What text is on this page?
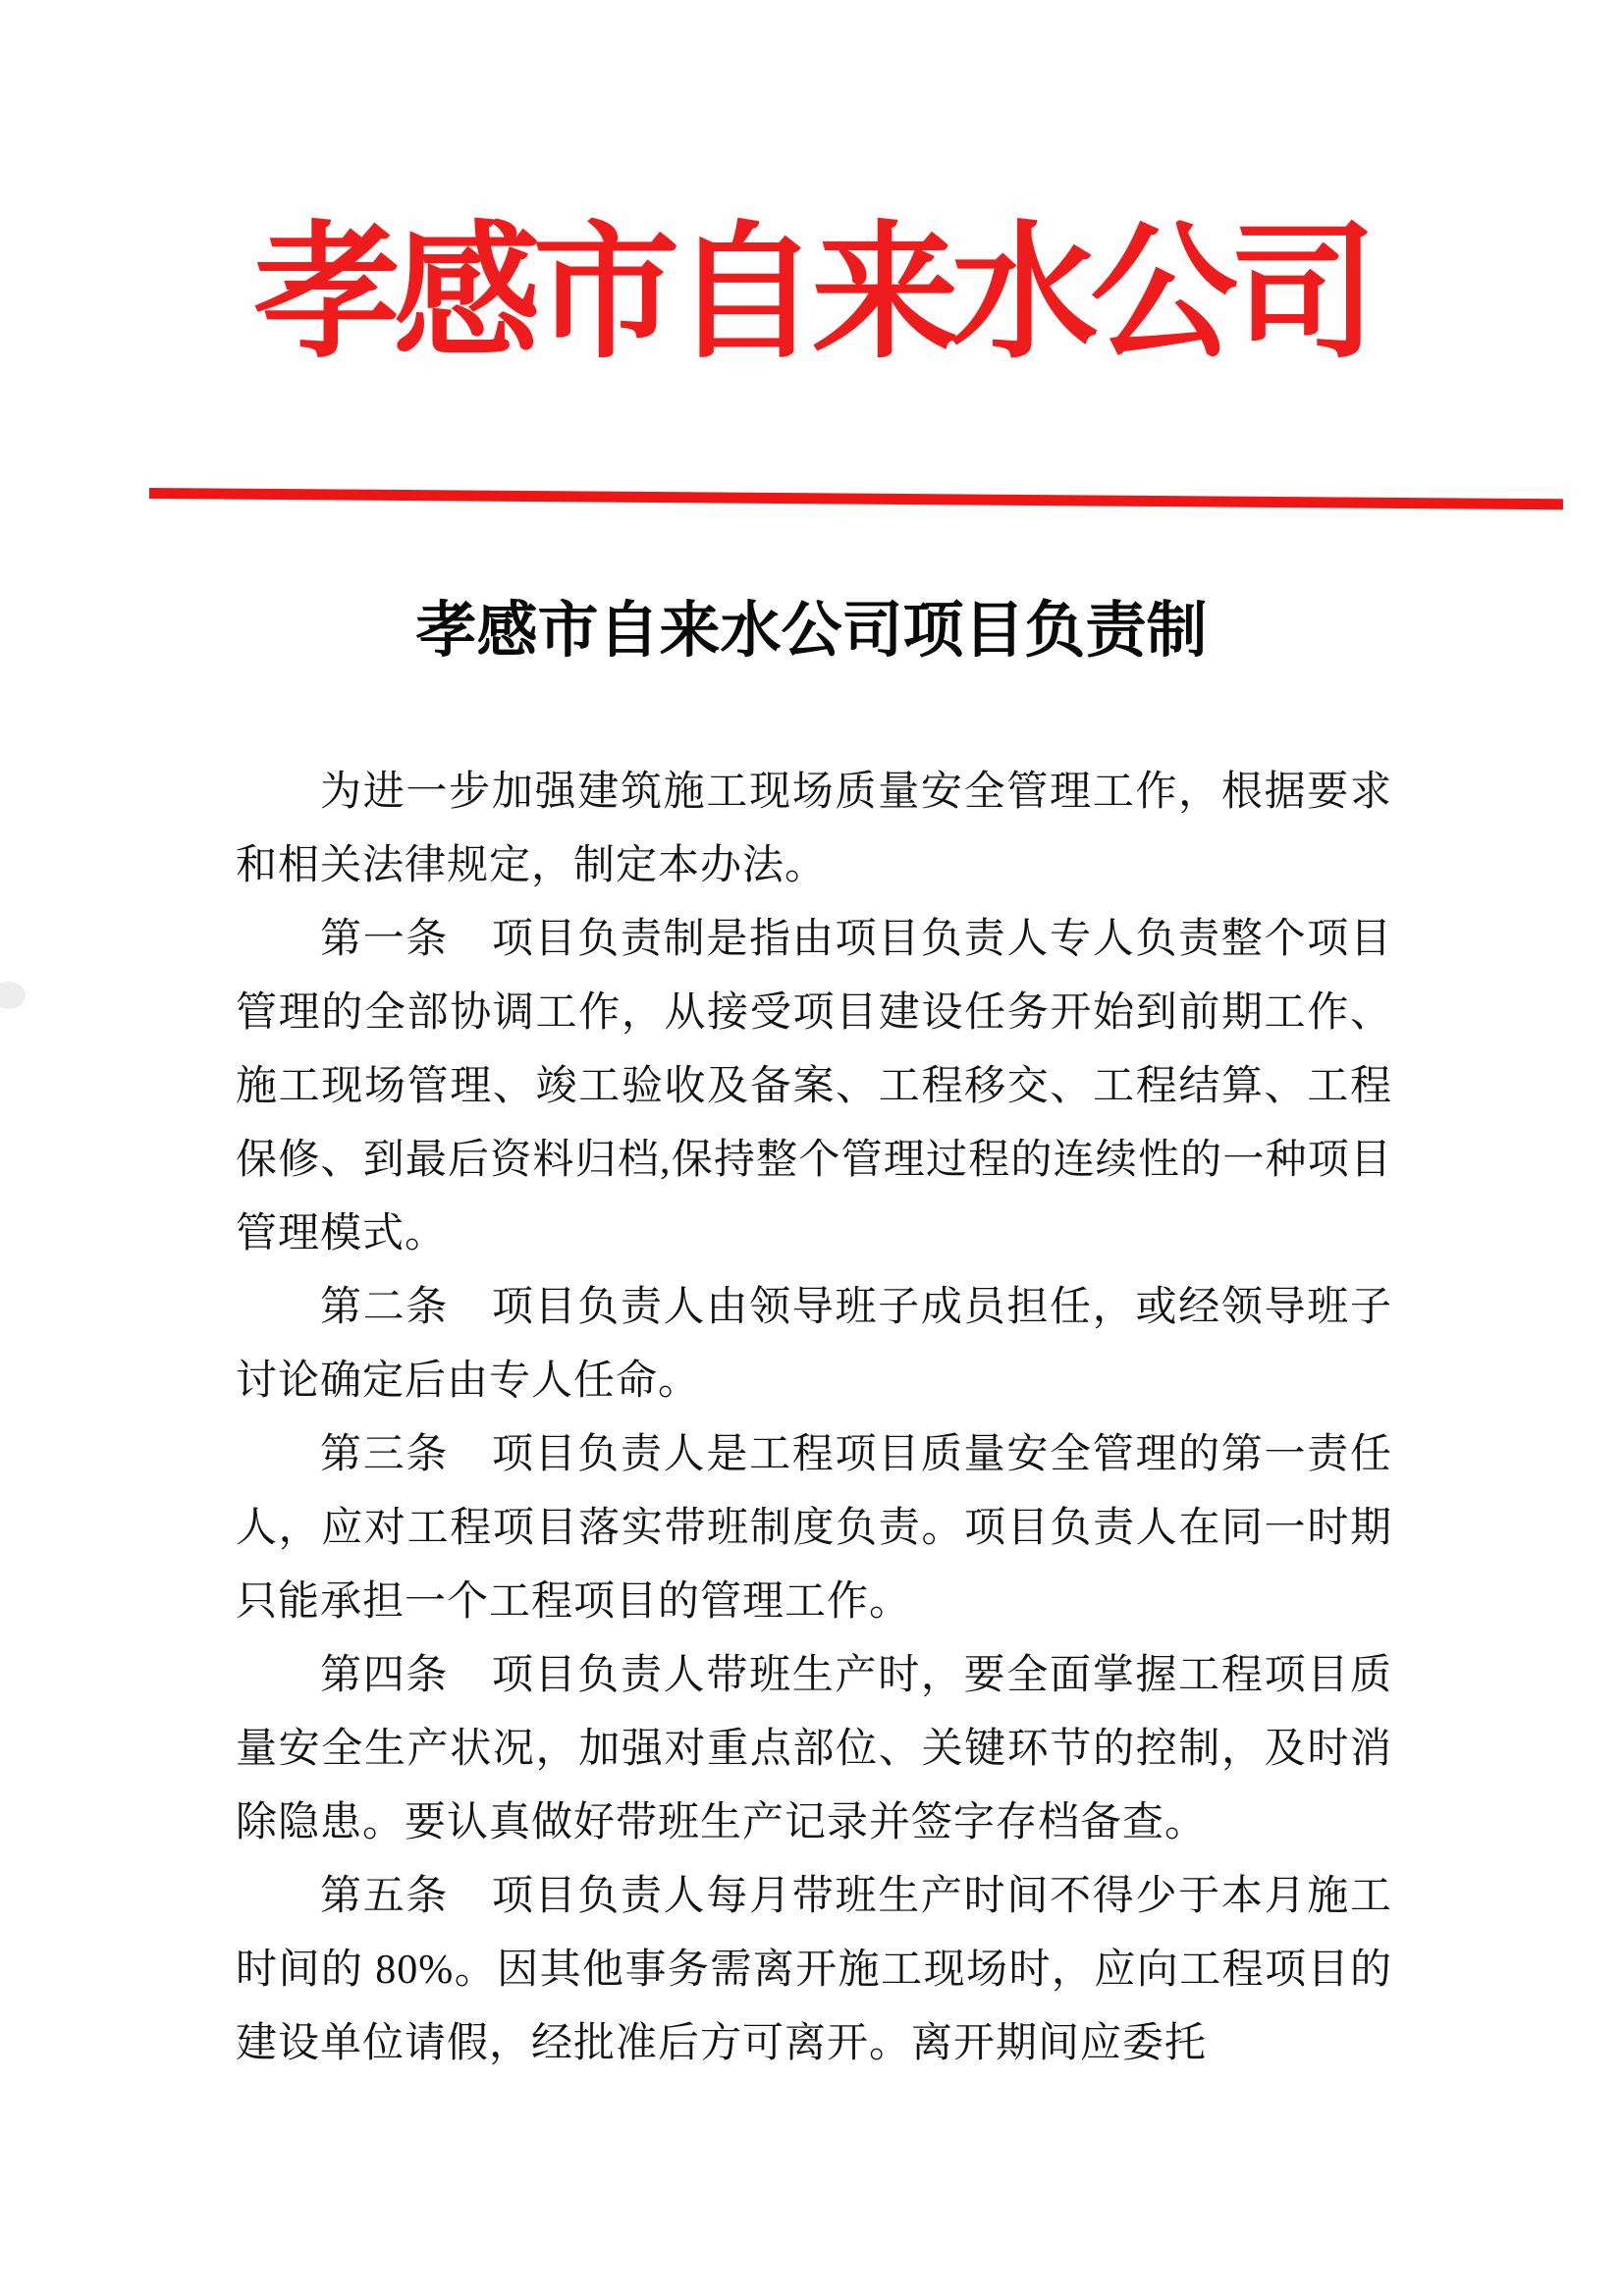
孝感市自来水公司
孝感市自来水公司项目负责制

为进一步加强建筑施工现场质量安全管理工作，根据要求和相关法律规定，制定本办法。

第一条　项目负责制是指由项目负责人专人负责整个项目管理的全部协调工作，从接受项目建设任务开始到前期工作、施工现场管理、竣工验收及备案、工程移交、工程结算、工程保修、到最后资料归档,保持整个管理过程的连续性的一种项目管理模式。

第二条　项目负责人由领导班子成员担任，或经领导班子讨论确定后由专人任命。

第三条　项目负责人是工程项目质量安全管理的第一责任人，应对工程项目落实带班制度负责。项目负责人在同一时期只能承担一个工程项目的管理工作。

第四条　项目负责人带班生产时，要全面掌握工程项目质量安全生产状况，加强对重点部位、关键环节的控制，及时消除隐患。要认真做好带班生产记录并签字存档备查。

第五条　项目负责人每月带班生产时间不得少于本月施工时间的 80%。因其他事务需离开施工现场时，应向工程项目的建设单位请假，经批准后方可离开。离开期间应委托
